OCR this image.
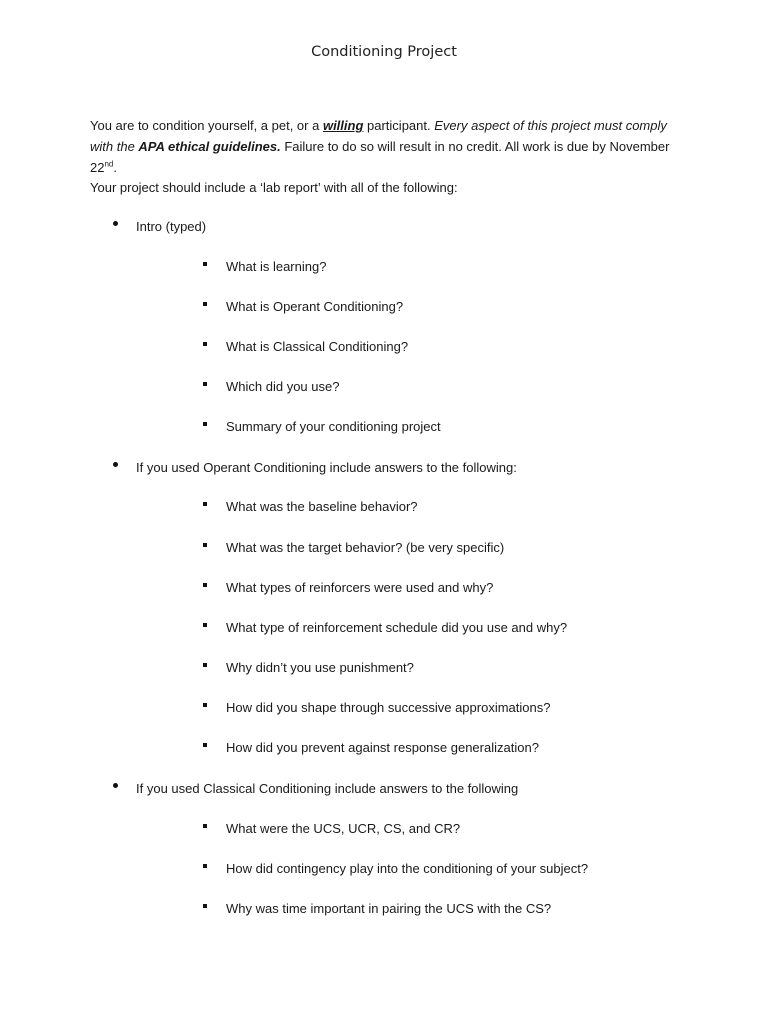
Conditioning Project
You are to condition yourself, a pet, or a willing participant. Every aspect of this project must comply with the APA ethical guidelines. Failure to do so will result in no credit. All work is due by November 22nd.
Your project should include a ‘lab report’ with all of the following:
Intro (typed)
What is learning?
What is Operant Conditioning?
What is Classical Conditioning?
Which did you use?
Summary of your conditioning project
If you used Operant Conditioning include answers to the following:
What was the baseline behavior?
What was the target behavior? (be very specific)
What types of reinforcers were used and why?
What type of reinforcement schedule did you use and why?
Why didn’t you use punishment?
How did you shape through successive approximations?
How did you prevent against response generalization?
If you used Classical Conditioning include answers to the following
What were the UCS, UCR, CS, and CR?
How did contingency play into the conditioning of your subject?
Why was time important in pairing the UCS with the CS?
